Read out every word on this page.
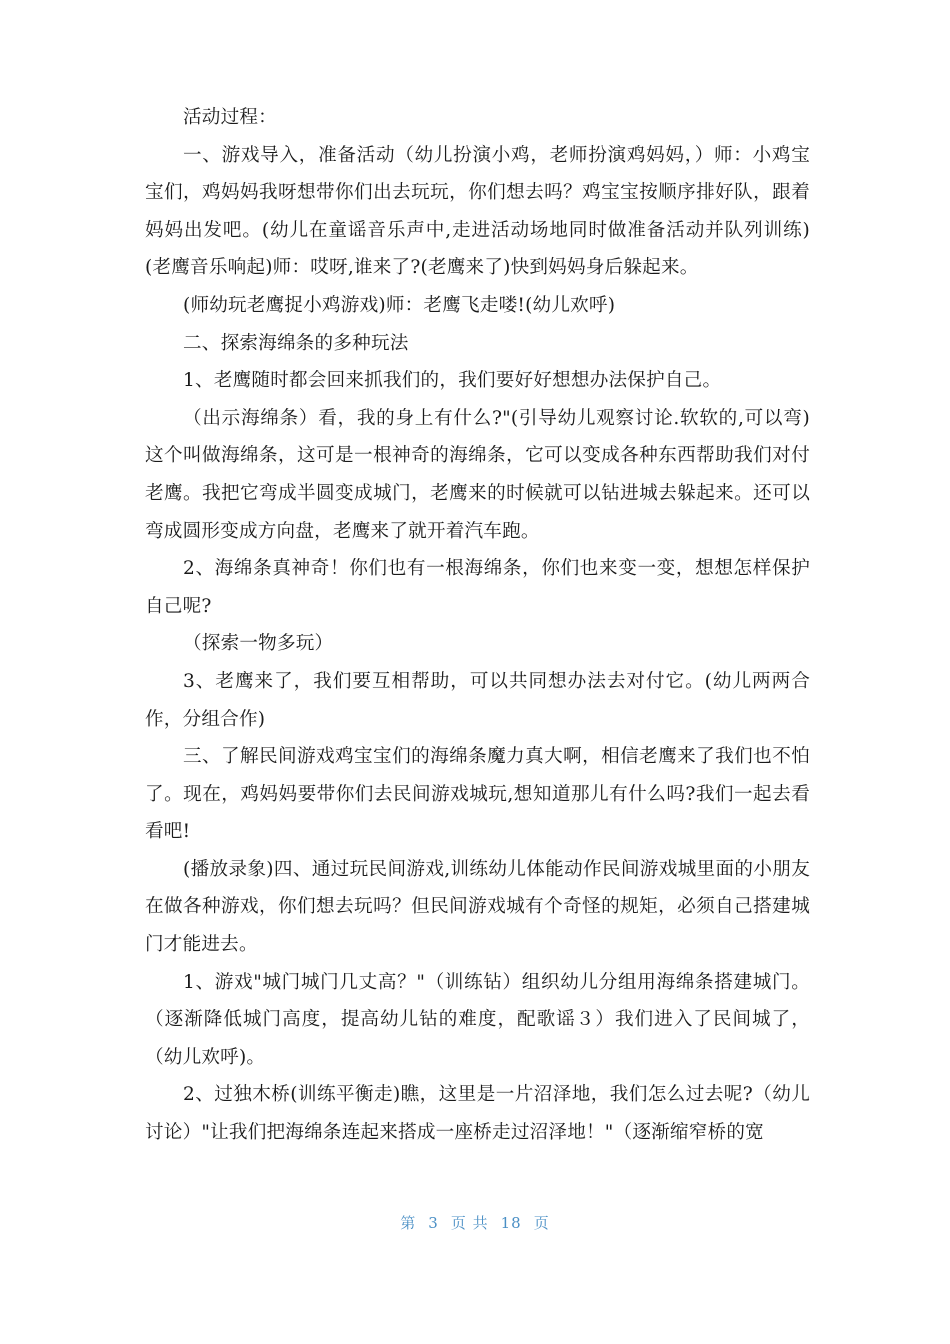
活动过程：

一、游戏导入，准备活动（幼儿扮演小鸡，老师扮演鸡妈妈，）师：小鸡宝宝们，鸡妈妈我呀想带你们出去玩玩，你们想去吗？鸡宝宝按顺序排好队，跟着妈妈出发吧。(幼儿在童谣音乐声中,走进活动场地同时做准备活动并队列训练)(老鹰音乐响起)师：哎呀,谁来了?(老鹰来了)快到妈妈身后躲起来。

(师幼玩老鹰捉小鸡游戏)师：老鹰飞走喽!(幼儿欢呼)

二、探索海绵条的多种玩法

1、老鹰随时都会回来抓我们的，我们要好好想想办法保护自己。

（出示海绵条）看，我的身上有什么?"(引导幼儿观察讨论.软软的,可以弯)这个叫做海绵条，这可是一根神奇的海绵条，它可以变成各种东西帮助我们对付老鹰。我把它弯成半圆变成城门，老鹰来的时候就可以钻进城去躲起来。还可以弯成圆形变成方向盘，老鹰来了就开着汽车跑。

2、海绵条真神奇！你们也有一根海绵条，你们也来变一变，想想怎样保护自己呢?

（探索一物多玩）

3、老鹰来了，我们要互相帮助，可以共同想办法去对付它。(幼儿两两合作，分组合作)

三、了解民间游戏鸡宝宝们的海绵条魔力真大啊，相信老鹰来了我们也不怕了。现在，鸡妈妈要带你们去民间游戏城玩,想知道那儿有什么吗?我们一起去看看吧!

(播放录象)四、通过玩民间游戏,训练幼儿体能动作民间游戏城里面的小朋友在做各种游戏，你们想去玩吗？但民间游戏城有个奇怪的规矩，必须自己搭建城门才能进去。

1、游戏"城门城门几丈高？"（训练钻）组织幼儿分组用海绵条搭建城门。（逐渐降低城门高度，提高幼儿钻的难度，配歌谣３）我们进入了民间城了，（幼儿欢呼)。

2、过独木桥(训练平衡走)瞧，这里是一片沼泽地，我们怎么过去呢?（幼儿讨论）"让我们把海绵条连起来搭成一座桥走过沼泽地！"（逐渐缩窄桥的宽

第 3 页 共 18 页
